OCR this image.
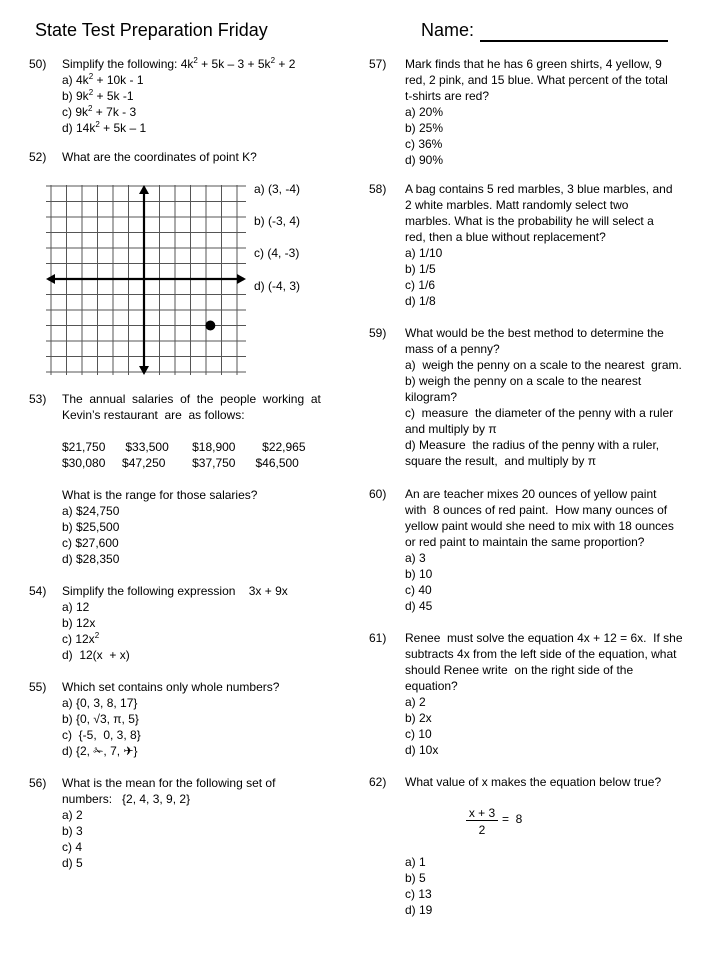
State Test Preparation Friday	Name:
50) Simplify the following: $4k^2 + 5k - 3 + 5k^2 + 2$
a) $4k^2 + 10k - 1$
b) $9k^2 + 5k$ -1
c) $9k^2 + 7k - 3$
d) $14k^2 + 5k - 1$
52) What are the coordinates of point K?
a) (3, -4)
b) (-3, 4)
c) (4, -3)
d) (-4, 3)
53) The  annual  salaries  of  the  people  working  at
Kevin’s restaurant  are  as follows:
$21,750      $33,500       $18,900        $22,965
$30,080     $47,250        $37,750      $46,500
What is the range for those salaries?
a) $24,750
b) $25,500
c) $27,600
d) $28,350
54) Simplify the following expression    3x + 9x
a) 12
b) 12x
c) $12x^2$
d)  12(x  + x)
55) Which set contains only whole numbers?
a) {0, 3, 8, 17}
b) {0, √3, π, 5}
c)  {-5,  0, 3, 8}
d) {2, ✁, 7, ✈}
56) What is the mean for the following set of
numbers:   {2, 4, 3, 9, 2}
a) 2
b) 3
c) 4
d) 5
57) Mark finds that he has 6 green shirts, 4 yellow, 9
red, 2 pink, and 15 blue. What percent of the total
t-shirts are red?
a) 20%
b) 25%
c) 36%
d) 90%
58) A bag contains 5 red marbles, 3 blue marbles, and
2 white marbles. Matt randomly select two
marbles. What is the probability he will select a
red, then a blue without replacement?
a) 1/10
b) 1/5
c) 1/6
d) 1/8
59) What would be the best method to determine the
mass of a penny?
a)  weigh the penny on a scale to the nearest  gram.
b) weigh the penny on a scale to the nearest
kilogram?
c)  measure  the diameter of the penny with a ruler
and multiply by π
d) Measure  the radius of the penny with a ruler,
square the result,  and multiply by π
60) An are teacher mixes 20 ounces of yellow paint
with  8 ounces of red paint.  How many ounces of
yellow paint would she need to mix with 18 ounces
or red paint to maintain the same proportion?
a) 3
b) 10
c) 40
d) 45
61) Renee  must solve the equation 4x + 12 = 6x.  If she
subtracts 4x from the left side of the equation, what
should Renee write  on the right side of the
equation?
a) 2
b) 2x
c) 10
d) 10x
62) What value of x makes the equation below true?
x + 3
2
=  8
a) 1
b) 5
c) 13
d) 19
